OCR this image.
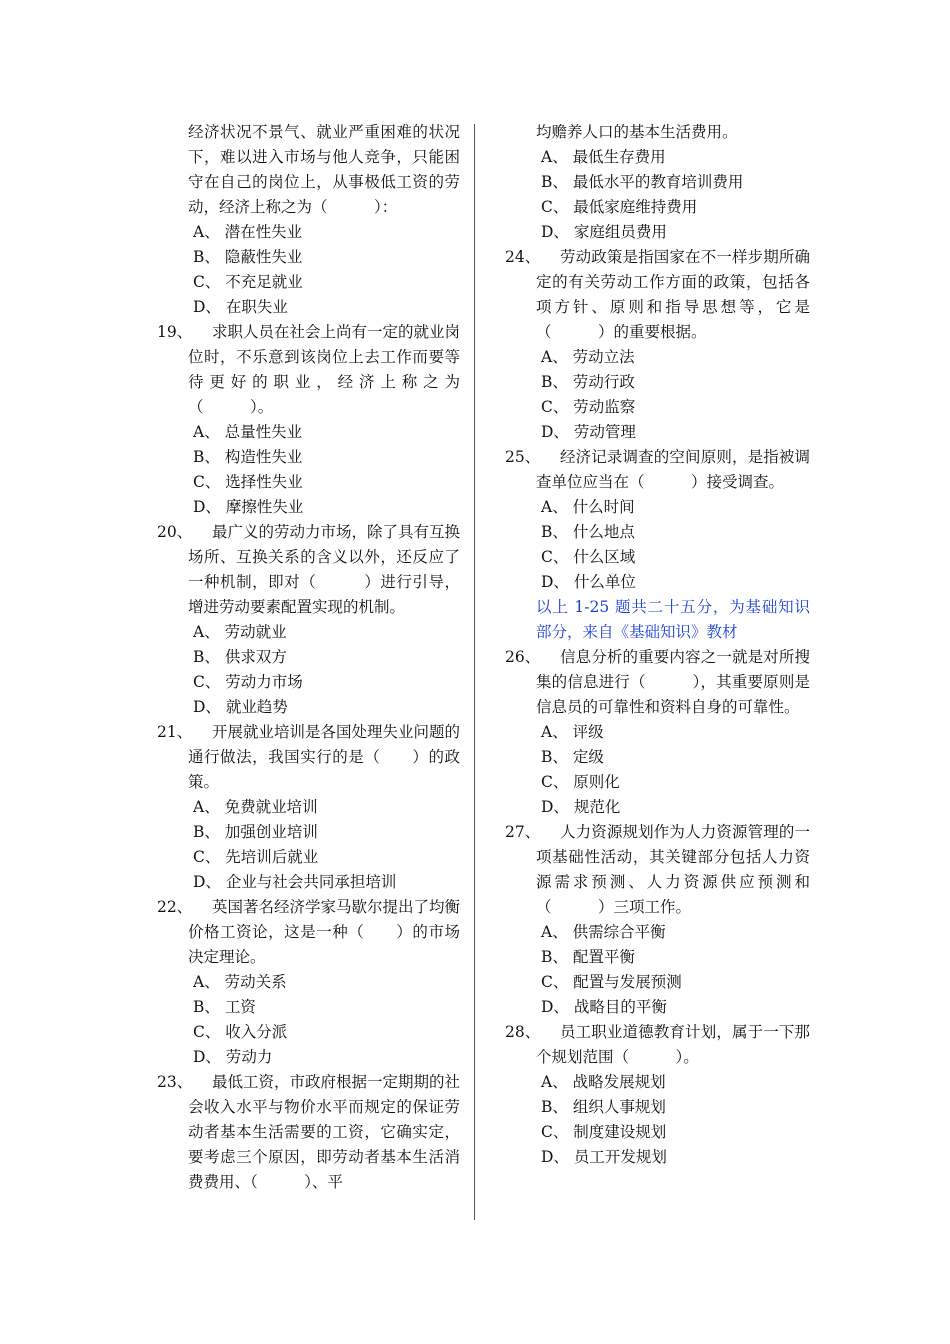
经济状况不景气、就业严重困难的状况下，难以进入市场与他人竞争，只能困守在自己的岗位上，从事极低工资的劳动，经济上称之为（　　　）：
A、 潜在性失业
B、 隐蔽性失业
C、 不充足就业
D、 在职失业
19、	求职人员在社会上尚有一定的就业岗位时，不乐意到该岗位上去工作而要等待更好的职业，经济上称之为（　　　）。
A、 总量性失业
B、 构造性失业
C、 选择性失业
D、 摩擦性失业
20、	最广义的劳动力市场，除了具有互换场所、互换关系的含义以外，还反应了一种机制，即对（　　　）进行引导，增进劳动要素配置实现的机制。
A、 劳动就业
B、 供求双方
C、 劳动力市场
D、 就业趋势
21、	开展就业培训是各国处理失业问题的通行做法，我国实行的是（　　）的政策。
A、 免费就业培训
B、 加强创业培训
C、 先培训后就业
D、 企业与社会共同承担培训
22、	英国著名经济学家马歇尔提出了均衡价格工资论，这是一种（　　）的市场决定理论。
A、 劳动关系
B、 工资
C、 收入分派
D、 劳动力
23、	最低工资，市政府根据一定期期的社会收入水平与物价水平而规定的保证劳动者基本生活需要的工资，它确实定，要考虑三个原因，即劳动者基本生活消费费用、（　　　）、平
均赡养人口的基本生活费用。
A、 最低生存费用
B、 最低水平的教育培训费用
C、 最低家庭维持费用
D、 家庭组员费用
24、	劳动政策是指国家在不一样步期所确定的有关劳动工作方面的政策，包括各项方针、原则和指导思想等，它是（　　　）的重要根据。
A、 劳动立法
B、 劳动行政
C、 劳动监察
D、 劳动管理
25、	经济记录调查的空间原则，是指被调查单位应当在（　　　）接受调查。
A、 什么时间
B、 什么地点
C、 什么区域
D、 什么单位
以上 1-25 题共二十五分，为基础知识部分，来自《基础知识》教材
26、	信息分析的重要内容之一就是对所搜集的信息进行（　　　），其重要原则是信息员的可靠性和资料自身的可靠性。
A、 评级
B、 定级
C、 原则化
D、 规范化
27、	人力资源规划作为人力资源管理的一项基础性活动，其关键部分包括人力资源需求预测、人力资源供应预测和（　　　）三项工作。
A、 供需综合平衡
B、 配置平衡
C、 配置与发展预测
D、 战略目的平衡
28、	员工职业道德教育计划，属于一下那个规划范围（　　　）。
A、 战略发展规划
B、 组织人事规划
C、 制度建设规划
D、 员工开发规划
